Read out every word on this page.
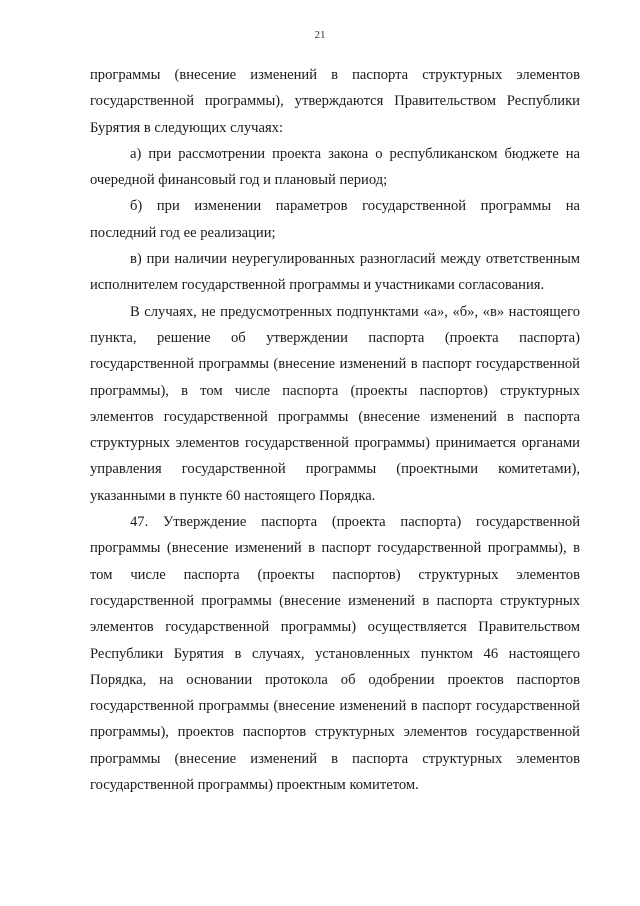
21

программы (внесение изменений в паспорта структурных элементов государственной программы), утверждаются Правительством Республики Бурятия в следующих случаях:

а) при рассмотрении проекта закона о республиканском бюджете на очередной финансовый год и плановый период;

б) при изменении параметров государственной программы на последний год ее реализации;

в) при наличии неурегулированных разногласий между ответственным исполнителем государственной программы и участниками согласования.

В случаях, не предусмотренных подпунктами «а», «б», «в» настоящего пункта, решение об утверждении паспорта (проекта паспорта) государственной программы (внесение изменений в паспорт государственной программы), в том числе паспорта (проекты паспортов) структурных элементов государственной программы (внесение изменений в паспорта структурных элементов государственной программы) принимается органами управления государственной программы (проектными комитетами), указанными в пункте 60 настоящего Порядка.

47. Утверждение паспорта (проекта паспорта) государственной программы (внесение изменений в паспорт государственной программы), в том числе паспорта (проекты паспортов) структурных элементов государственной программы (внесение изменений в паспорта структурных элементов государственной программы) осуществляется Правительством Республики Бурятия в случаях, установленных пунктом 46 настоящего Порядка, на основании протокола об одобрении проектов паспортов государственной программы (внесение изменений в паспорт государственной программы), проектов паспортов структурных элементов государственной программы (внесение изменений в паспорта структурных элементов государственной программы) проектным комитетом.
